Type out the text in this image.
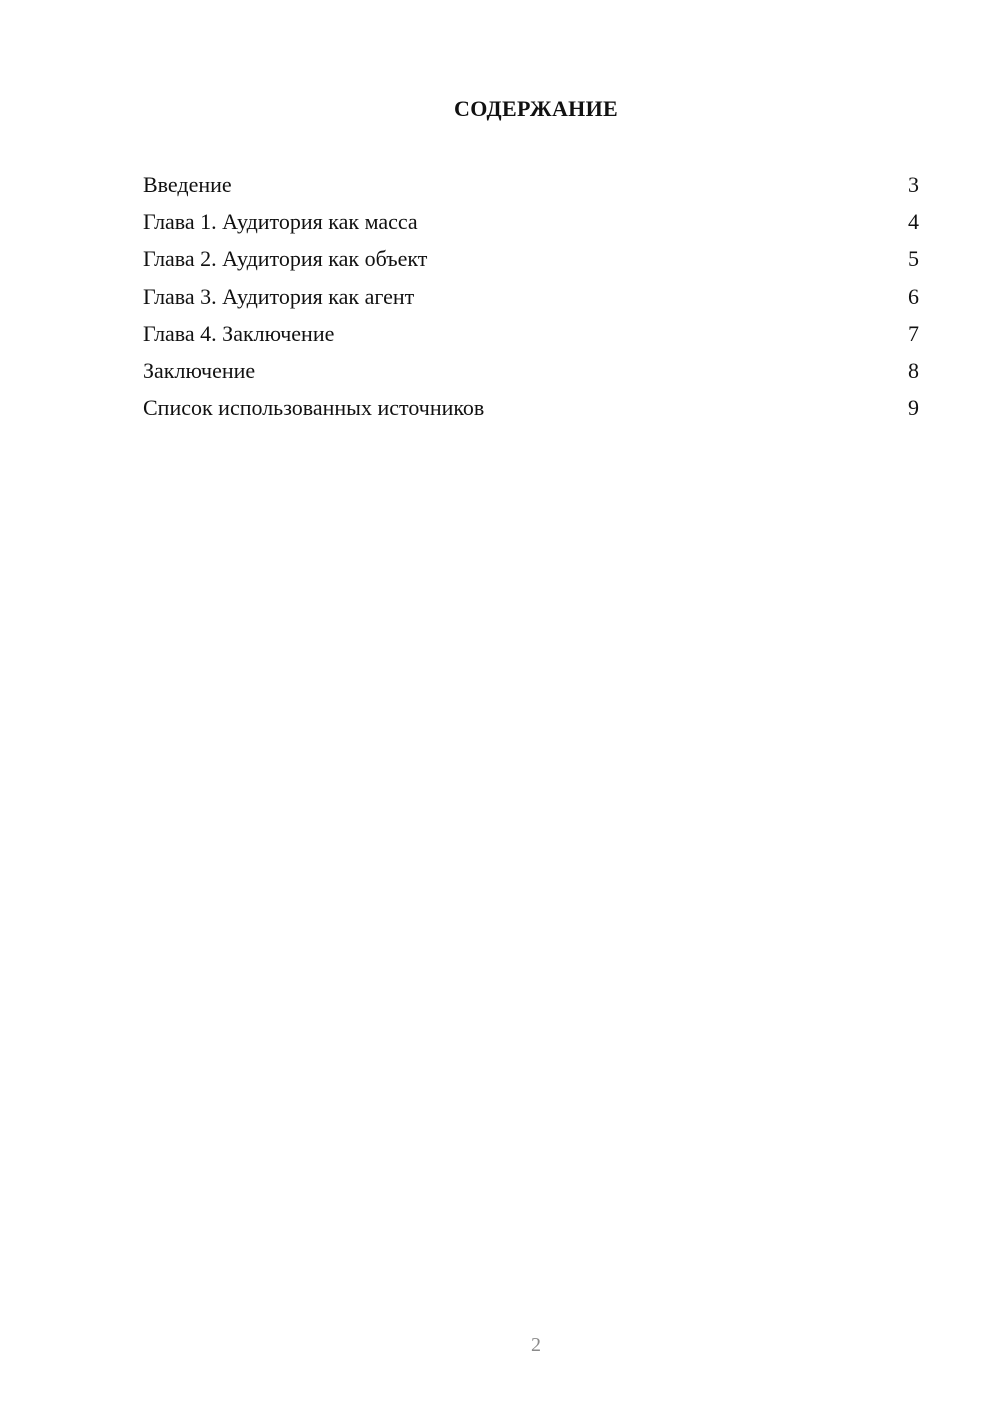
СОДЕРЖАНИЕ
Введение	3
Глава 1. Аудитория как масса	4
Глава 2. Аудитория как объект	5
Глава 3. Аудитория как агент	6
Глава 4. Заключение	7
Заключение	8
Список использованных источников	9
2
